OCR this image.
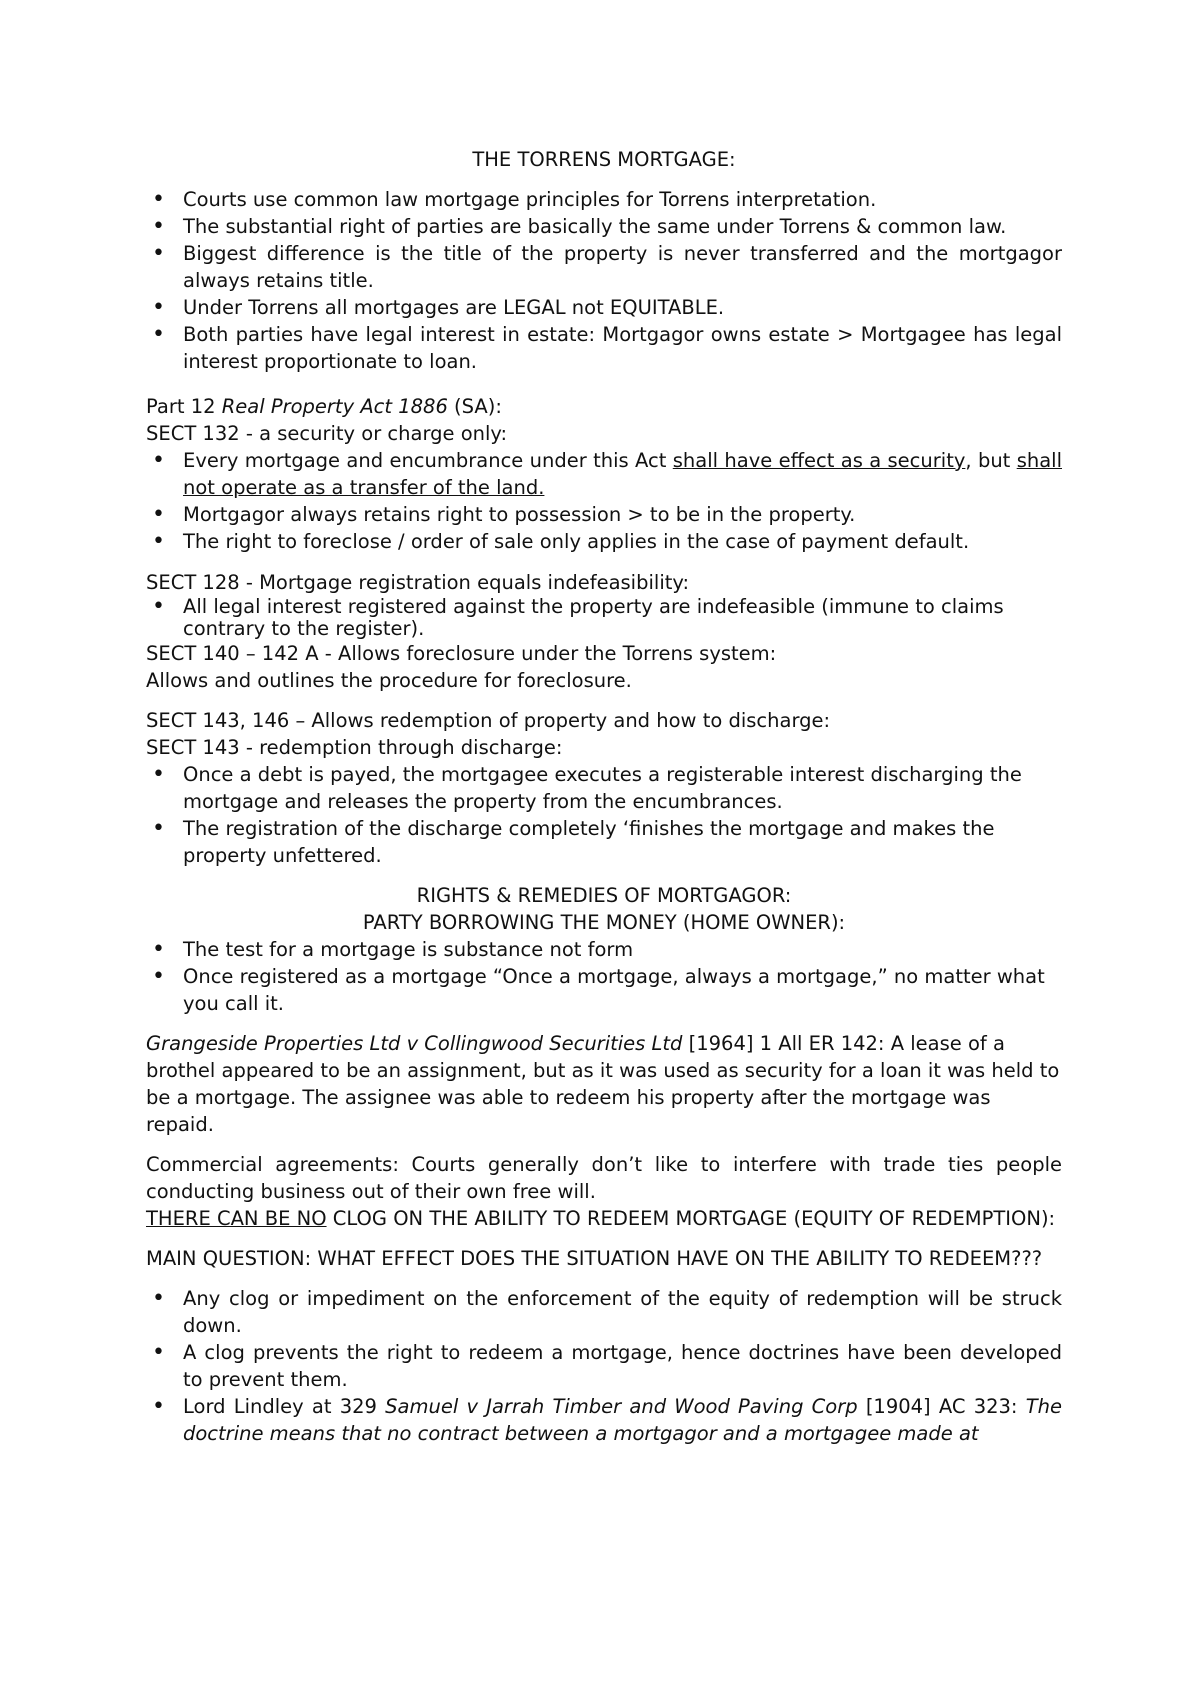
THE TORRENS MORTGAGE:

• Courts use common law mortgage principles for Torrens interpretation.
• The substantial right of parties are basically the same under Torrens & common law.
• Biggest difference is the title of the property is never transferred and the mortgagor always retains title.
• Under Torrens all mortgages are LEGAL not EQUITABLE.
• Both parties have legal interest in estate: Mortgagor owns estate > Mortgagee has legal interest proportionate to loan.

Part 12 Real Property Act 1886 (SA):

SECT 132 - a security or charge only:

• Every mortgage and encumbrance under this Act shall have effect as a security, but shall not operate as a transfer of the land.
• Mortgagor always retains right to possession > to be in the property.
• The right to foreclose / order of sale only applies in the case of payment default.

SECT 128 - Mortgage registration equals indefeasibility:

• All legal interest registered against the property are indefeasible (immune to claims contrary to the register).

SECT 140 – 142 A - Allows foreclosure under the Torrens system:

Allows and outlines the procedure for foreclosure.

SECT 143, 146 – Allows redemption of property and how to discharge:

SECT 143 - redemption through discharge:

• Once a debt is payed, the mortgagee executes a registerable interest discharging the mortgage and releases the property from the encumbrances.
• The registration of the discharge completely ‘finishes the mortgage and makes the property unfettered.

RIGHTS & REMEDIES OF MORTGAGOR:

PARTY BORROWING THE MONEY (HOME OWNER):

• The test for a mortgage is substance not form
• Once registered as a mortgage “Once a mortgage, always a mortgage,” no matter what you call it.

Grangeside Properties Ltd v Collingwood Securities Ltd [1964] 1 All ER 142: A lease of a brothel appeared to be an assignment, but as it was used as security for a loan it was held to be a mortgage. The assignee was able to redeem his property after the mortgage was repaid.

Commercial agreements: Courts generally don’t like to interfere with trade ties people conducting business out of their own free will.

THERE CAN BE NO CLOG ON THE ABILITY TO REDEEM MORTGAGE (EQUITY OF REDEMPTION):

MAIN QUESTION: WHAT EFFECT DOES THE SITUATION HAVE ON THE ABILITY TO REDEEM???

• Any clog or impediment on the enforcement of the equity of redemption will be struck down.
• A clog prevents the right to redeem a mortgage, hence doctrines have been developed to prevent them.
• Lord Lindley at 329 Samuel v Jarrah Timber and Wood Paving Corp [1904] AC 323: The doctrine means that no contract between a mortgagor and a mortgagee made at
